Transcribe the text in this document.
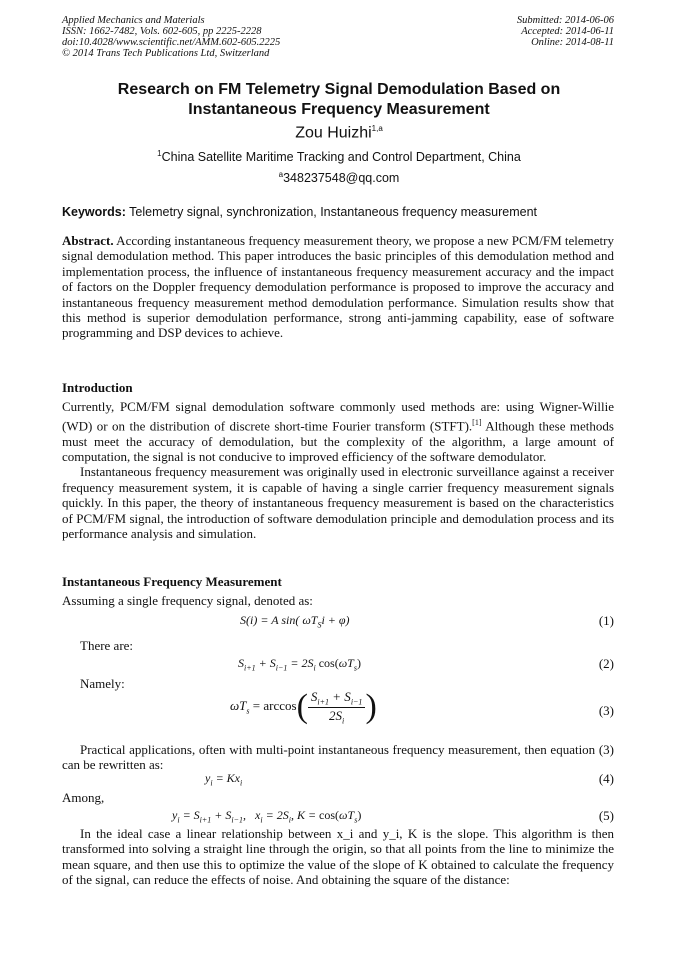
Applied Mechanics and Materials
ISSN: 1662-7482, Vols. 602-605, pp 2225-2228
doi:10.4028/www.scientific.net/AMM.602-605.2225
© 2014 Trans Tech Publications Ltd, Switzerland
Submitted: 2014-06-06
Accepted: 2014-06-11
Online: 2014-08-11
Research on FM Telemetry Signal Demodulation Based on
Instantaneous Frequency Measurement
Zou Huizhi$^{1,a}$
$^1$China Satellite Maritime Tracking and Control Department, China
$^a$348237548@qq.com
Keywords: Telemetry signal, synchronization, Instantaneous frequency measurement
Abstract. According instantaneous frequency measurement theory, we propose a new PCM/FM telemetry signal demodulation method. This paper introduces the basic principles of this demodulation method and implementation process, the influence of instantaneous frequency measurement accuracy and the impact of factors on the Doppler frequency demodulation performance is proposed to improve the accuracy and instantaneous frequency measurement method demodulation performance. Simulation results show that this method is superior demodulation performance, strong anti-jamming capability, ease of software programming and DSP devices to achieve.
Introduction
Currently, PCM/FM signal demodulation software commonly used methods are: using Wigner-Willie (WD) or on the distribution of discrete short-time Fourier transform (STFT).[1] Although these methods must meet the accuracy of demodulation, but the complexity of the algorithm, a large amount of computation, the signal is not conducive to improved efficiency of the software demodulator.
Instantaneous frequency measurement was originally used in electronic surveillance against a receiver frequency measurement system, it is capable of having a single carrier frequency measurement signals quickly. In this paper, the theory of instantaneous frequency measurement is based on the characteristics of PCM/FM signal, the introduction of software demodulation principle and demodulation process and its performance analysis and simulation.
Instantaneous Frequency Measurement
Assuming a single frequency signal, denoted as:
S(i) = A sin( $\omega T_Si + \varphi$)	(1)
There are:
$S_{i+1} + S_{i-1} = 2S_i$ $\cos(\omega T_s)$	(2)
Namely:
$\omega T_s = \arccos( \frac{S_{i+1} + S_{i-1}}{2S_i}$ )	(3)
Practical applications, often with multi-point instantaneous frequency measurement, then equation (3) can be rewritten as:
$y_i = Kx_i$	(4)
Among,
$y_i = S_{i+1} + S_{i-1}$,   $x_i = 2S_i$, $K = \cos(\omega T_s)$	(5)
In the ideal case a linear relationship between x_i and y_i, K is the slope. This algorithm is then transformed into solving a straight line through the origin, so that all points from the line to minimize the mean square, and then use this to optimize the value of the slope of K obtained to calculate the frequency of the signal, can reduce the effects of noise. And obtaining the square of the distance:
